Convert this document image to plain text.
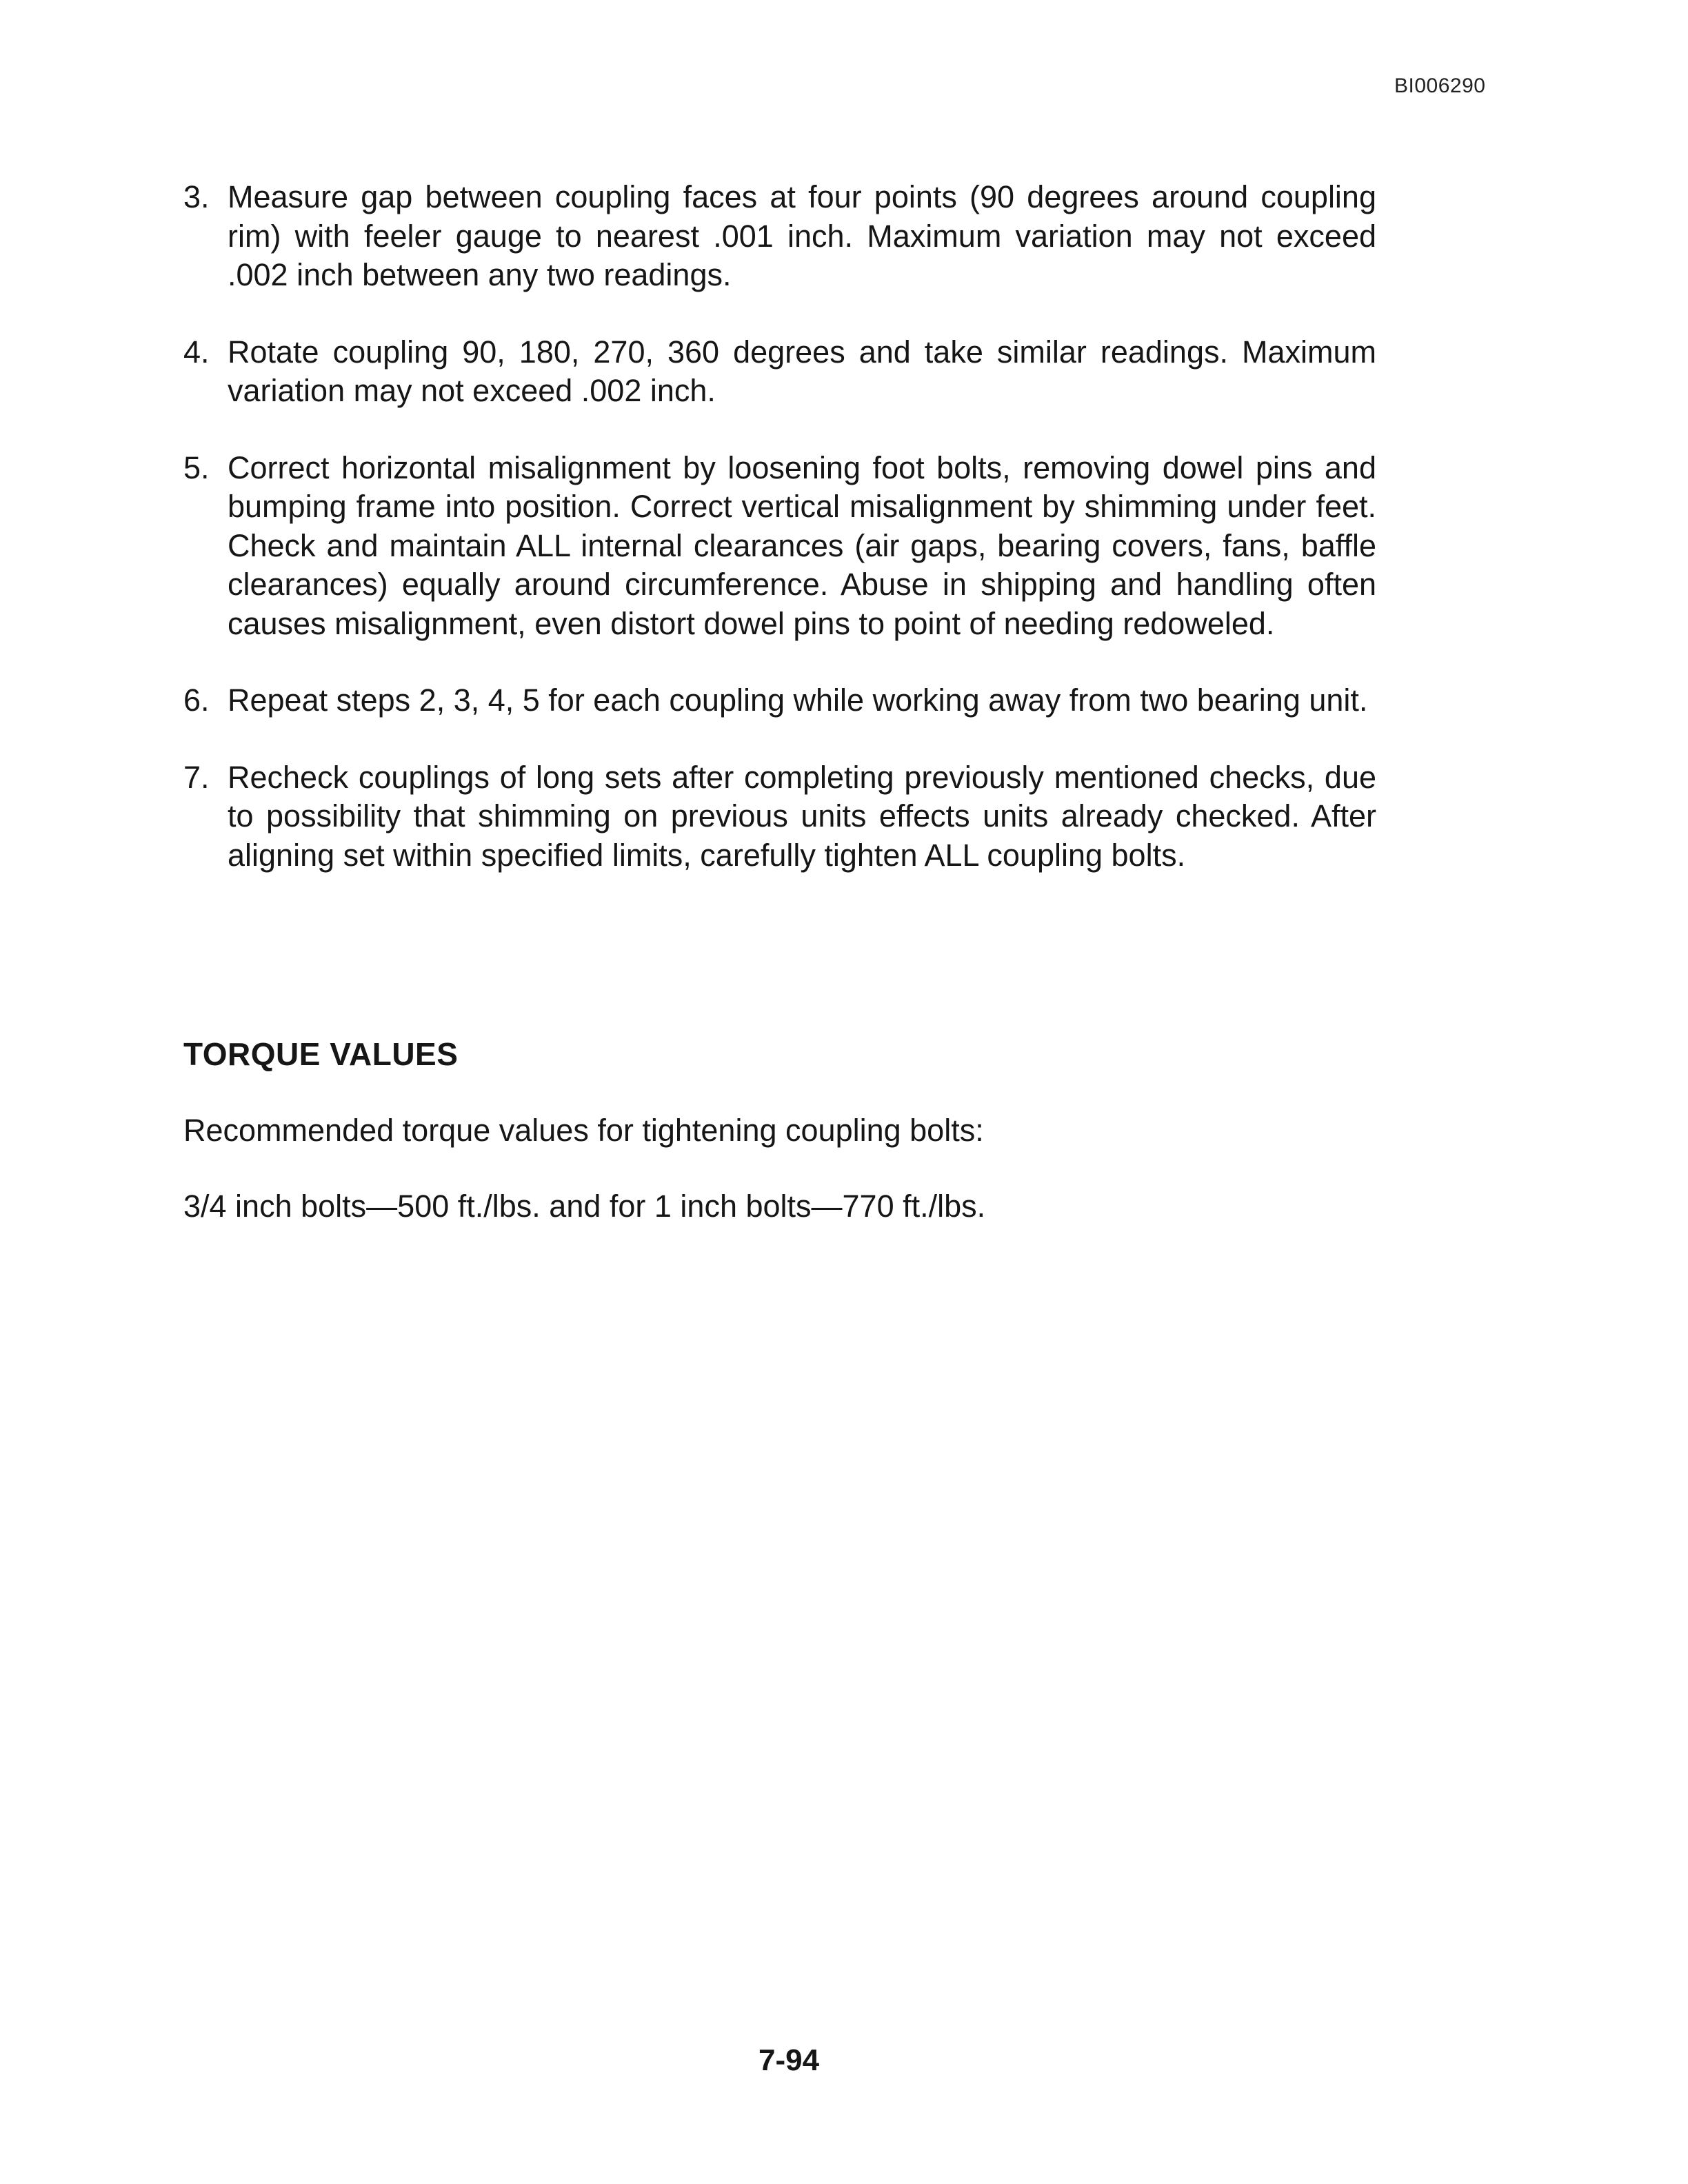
BI006290
3. Measure gap between coupling faces at four points (90 degrees around coupling rim) with feeler gauge to nearest .001 inch. Maximum variation may not exceed .002 inch between any two readings.
4. Rotate coupling 90, 180, 270, 360 degrees and take similar readings. Maximum variation may not exceed .002 inch.
5. Correct horizontal misalignment by loosening foot bolts, removing dowel pins and bumping frame into position. Correct vertical misalignment by shimming under feet. Check and maintain ALL internal clearances (air gaps, bearing covers, fans, baffle clearances) equally around circumference. Abuse in shipping and handling often causes misalignment, even distort dowel pins to point of needing redoweled.
6. Repeat steps 2, 3, 4, 5 for each coupling while working away from two bearing unit.
7. Recheck couplings of long sets after completing previously mentioned checks, due to possibility that shimming on previous units effects units already checked. After aligning set within specified limits, carefully tighten ALL coupling bolts.
TORQUE VALUES

Recommended torque values for tightening coupling bolts:

3/4 inch bolts—500 ft./lbs. and for 1 inch bolts—770 ft./lbs.

7-94
